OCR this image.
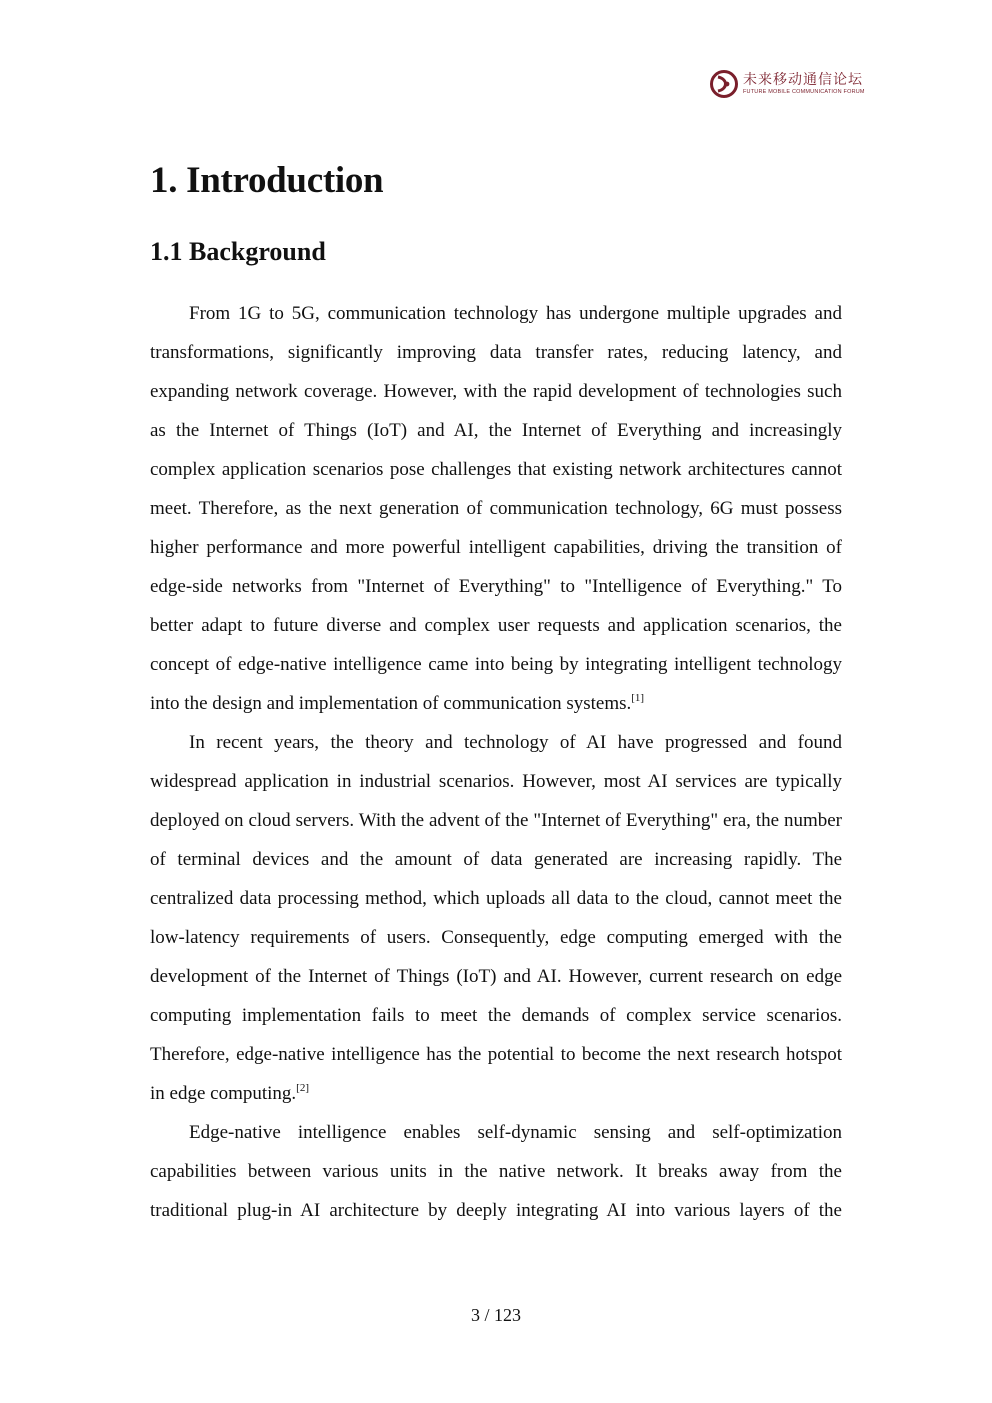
未来移动通信论坛
FUTURE MOBILE COMMUNICATION FORUM
1. Introduction
1.1 Background

From 1G to 5G, communication technology has undergone multiple upgrades and transformations, significantly improving data transfer rates, reducing latency, and expanding network coverage. However, with the rapid development of technologies such as the Internet of Things (IoT) and AI, the Internet of Everything and increasingly complex application scenarios pose challenges that existing network architectures cannot meet. Therefore, as the next generation of communication technology, 6G must possess higher performance and more powerful intelligent capabilities, driving the transition of edge-side networks from "Internet of Everything" to "Intelligence of Everything." To better adapt to future diverse and complex user requests and application scenarios, the concept of edge-native intelligence came into being by integrating intelligent technology into the design and implementation of communication systems.[1]

In recent years, the theory and technology of AI have progressed and found widespread application in industrial scenarios. However, most AI services are typically deployed on cloud servers. With the advent of the "Internet of Everything" era, the number of terminal devices and the amount of data generated are increasing rapidly. The centralized data processing method, which uploads all data to the cloud, cannot meet the low-latency requirements of users. Consequently, edge computing emerged with the development of the Internet of Things (IoT) and AI. However, current research on edge computing implementation fails to meet the demands of complex service scenarios. Therefore, edge-native intelligence has the potential to become the next research hotspot in edge computing.[2]

Edge-native intelligence enables self-dynamic sensing and self-optimization capabilities between various units in the native network. It breaks away from the traditional plug-in AI architecture by deeply integrating AI into various layers of the

3 / 123
